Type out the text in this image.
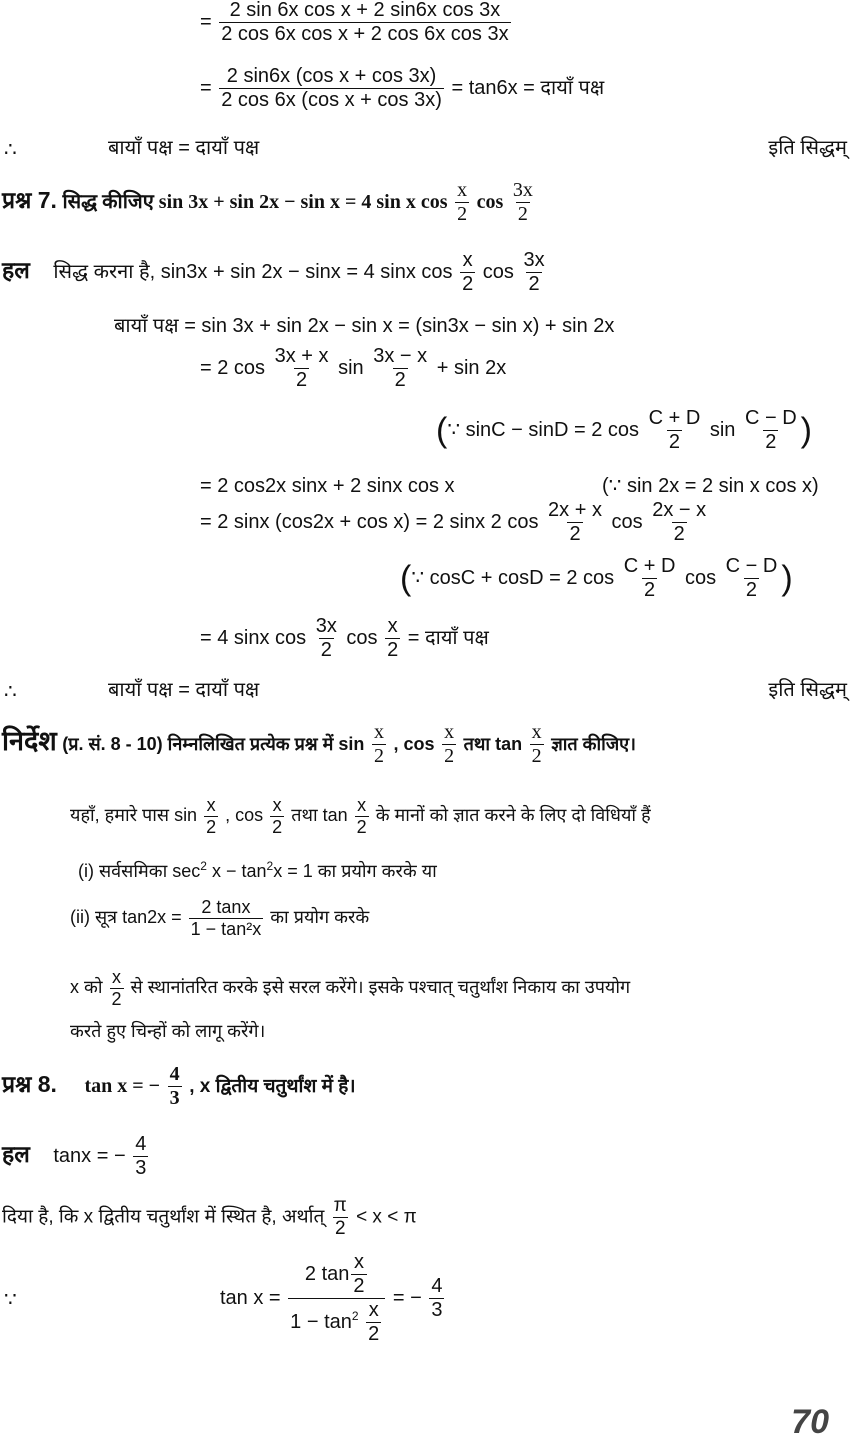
= $\frac{\text{2 sin 6x cos x + 2 sin6x cos 3x}}{\text{2 cos 6x cos x + 2 cos 6x cos 3x}}$
= $\frac{\text{2 sin6x (cos x + cos 3x)}}{\text{2 cos 6x (cos x + cos 3x)}} = \tan 6x$ = दायाँ पक्ष
∴	बायाँ पक्ष = दायाँ पक्ष	इति सिद्धम्
प्रश्न 7. सिद्ध कीजिए sin 3x + sin 2x − sin x = 4 sin x $\cos \frac{x}{2}$ $\cos \frac{3x}{2}$
हल सिद्ध करना है, sin3x + sin 2x − sinx = 4 sinx $\cos \frac{x}{2}$ $\cos \frac{3x}{2}$
बायाँ पक्ष = sin 3x + sin 2x − sin x = (sin3x − sin x) + sin 2x
= 2 $\cos \frac{3x + x}{2}$ $\sin \frac{3x - x}{2} + \sin 2x$
(∵ sinC − sinD = 2 $\cos \frac{C + D}{2}$ $\sin \frac{C - D}{2}$ )
= 2 cos2x sinx + 2 sinx cos x	(∵ sin 2x = 2 sin x cos x)
= 2 sinx (cos2x + cos x) = 2 sinx 2 $\cos \frac{2x + x}{2}$ $\cos \frac{2x - x}{2}$
(∵ cosC + cosD = 2 $\cos \frac{C + D}{2}$ $\cos \frac{C - D}{2}$ )
= 4 sinx $\cos \frac{3x}{2}$ $\cos \frac{x}{2}$ = दायाँ पक्ष
∴	बायाँ पक्ष = दायाँ पक्ष	इति सिद्धम्
निर्देश (प्र. सं. 8 - 10) निम्नलिखित प्रत्येक प्रश्न में $\sin \frac{x}{2}$ , $\cos \frac{x}{2}$ तथा $\tan \frac{x}{2}$ ज्ञात कीजिए।
यहाँ, हमारे पास $\sin \frac{x}{2}$ , $\cos \frac{x}{2}$ तथा $\tan \frac{x}{2}$ के मानों को ज्ञात करने के लिए दो विधियाँ हैं
(i) सर्वसमिका $\sec^2 x - \tan^2x = 1$ का प्रयोग करके या
(ii) सूत्र $\tan 2x = \frac{2 \tan x}{\text{1 − tan²x}}$ का प्रयोग करके
x को $\frac{x}{2}$ से स्थानांतरित करके इसे सरल करेंगे। इसके पश्चात् चतुर्थांश निकाय का उपयोग
करते हुए चिन्हों को लागू करेंगे।
प्रश्न 8. tan x = − $\frac{4}{3}$ , x द्वितीय चतुर्थांश में है।
हल tanx = − $\frac{4}{3}$
दिया है, कि x द्वितीय चतुर्थांश में स्थित है, अर्थात् $\frac{\pi}{2} < x < \pi$
∵	$\tan x = \frac{2 \tan \frac{x}{2}}{1 - \tan^2 \frac{x}{2}}$ = − $\frac{4}{3}$
70
